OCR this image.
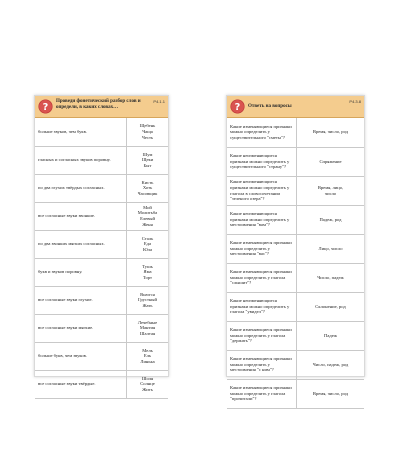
?
Проведи фонетический разбор слов и определи, в каких словах…
Р4.1.1
больше звуков, чем букв.	Щебень
Чаща
Честь

гласных и согласных звуков поровну.	Шум
Щеки
Быт

по два глухих твёрдых согласных.	Кисть
Хоть
Часовщик

все согласные звуки звонкие.	Мой
Молитьба
Елевый
Женя

по два звонких мягких согласных.	Сталь
Еда
Юла

букв и звуков поровну.	Тушь
Яма
Торт

все согласные звуки глухие.	Вьюгся
Грустный
Жать

все согласные звуки мягкие.	Лечебные
Мантия
Шалтая

больше букв, чем звуков.	Мель
Ель
Линька

все согласные звуки твёрдые.	Шоля
Солнце
Жить
? Ответь на вопросы
Р4.3.8
Какие изменяющиеся признаки можно определить у существительного "сметы"?	Время, число, род

Какие неизменяющиеся признаки можно определить у существительного "страну"?	Спряжение

Какие неизменяющиеся признаки можно определить у глагола в словосочетании "зеленого озера"?	Время, лицо,
число

Какие неизменяющиеся признаки можно определить у местоимения "вам"?	Падеж, род

Какие изменяющиеся признаки можно определить у местоимения "вас"?	Лицо, число

Какие изменяющиеся признаки можно определить у глагола "слышит"?	Число, падеж

Какие неизменяющиеся признаки можно определить у глагола "увидел"?	Склонение, род

Какие изменяющиеся признаки можно определить у глагола "держать"?	Падеж

Какие изменяющиеся признаки можно определить у местоимения "с ним"?	Число, падеж, род

Какие изменяющиеся признаки можно определить у глагола "прочитали"?	Время, число, род
